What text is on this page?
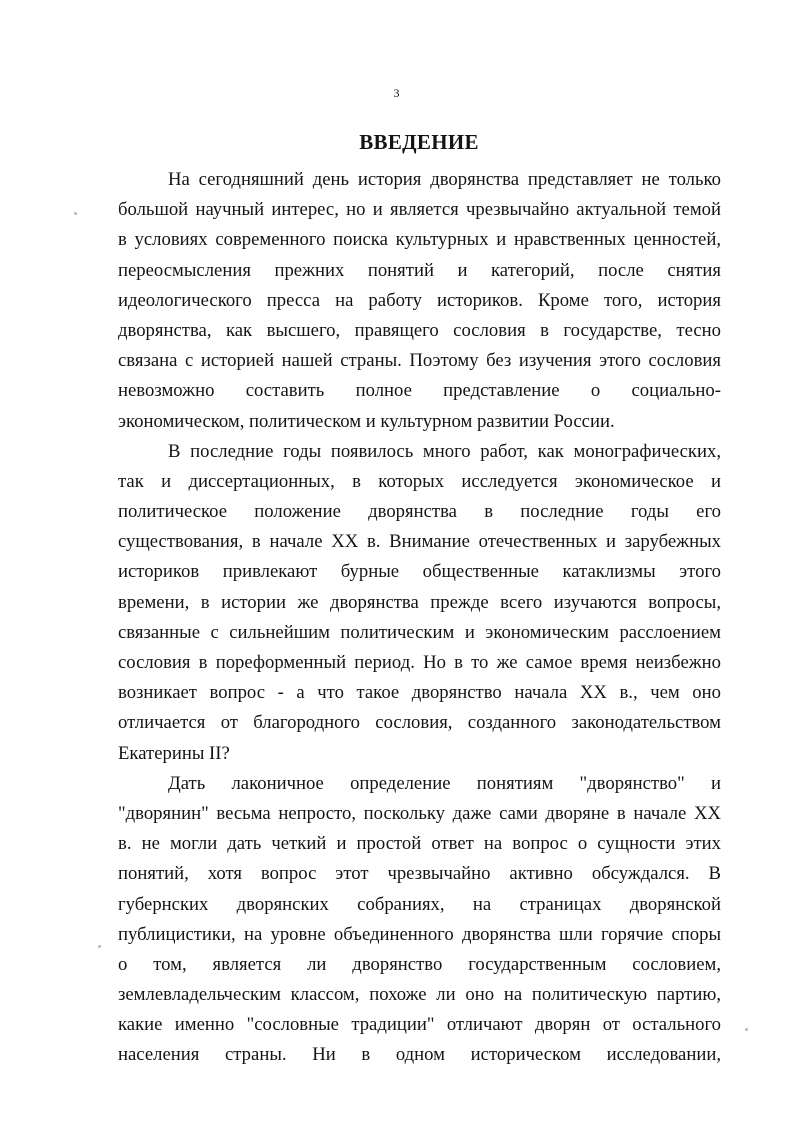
3
ВВЕДЕНИЕ
На сегодняшний день история дворянства представляет не только
большой научный интерес, но и является чрезвычайно актуальной темой
в условиях современного поиска культурных и нравственных ценностей,
переосмысления прежних понятий и категорий, после снятия
идеологического пресса на работу историков. Кроме того, история
дворянства, как высшего, правящего сословия в государстве, тесно
связана с историей нашей страны. Поэтому без изучения этого сословия
невозможно составить полное представление о социально-
экономическом, политическом и культурном развитии России.
В последние годы появилось много работ, как монографических,
так и диссертационных, в которых исследуется экономическое и
политическое положение дворянства в последние годы его
существования, в начале XX в. Внимание отечественных и зарубежных
историков привлекают бурные общественные катаклизмы этого
времени, в истории же дворянства прежде всего изучаются вопросы,
связанные с сильнейшим политическим и экономическим расслоением
сословия в пореформенный период. Но в то же самое время неизбежно
возникает вопрос - а что такое дворянство начала XX в., чем оно
отличается от благородного сословия, созданного законодательством
Екатерины II?
Дать лаконичное определение понятиям "дворянство" и
"дворянин" весьма непросто, поскольку даже сами дворяне в начале XX
в. не могли дать четкий и простой ответ на вопрос о сущности этих
понятий, хотя вопрос этот чрезвычайно активно обсуждался. В
губернских дворянских собраниях, на страницах дворянской
публицистики, на уровне объединенного дворянства шли горячие споры
о том, является ли дворянство государственным сословием,
землевладельческим классом, похоже ли оно на политическую партию,
какие именно "сословные традиции" отличают дворян от остального
населения страны. Ни в одном историческом исследовании,
